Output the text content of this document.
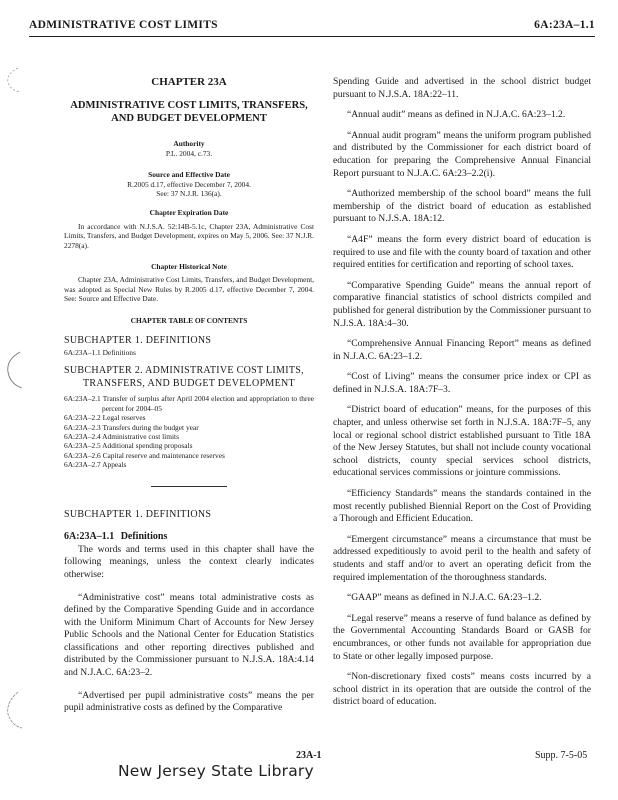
ADMINISTRATIVE COST LIMITS	6A:23A–1.1
CHAPTER 23A
ADMINISTRATIVE COST LIMITS, TRANSFERS,
AND BUDGET DEVELOPMENT
Authority
P.L. 2004, c.73.
Source and Effective Date
R.2005 d.17, effective December 7, 2004.
See: 37 N.J.R. 136(a).
Chapter Expiration Date
In accordance with N.J.S.A. 52:14B-5.1c, Chapter 23A, Administrative Cost Limits, Transfers, and Budget Development, expires on May 5, 2006. See: 37 N.J.R. 2278(a).
Chapter Historical Note
Chapter 23A, Administrative Cost Limits, Transfers, and Budget Development, was adopted as Special New Rules by R.2005 d.17, effective December 7, 2004. See: Source and Effective Date.
CHAPTER TABLE OF CONTENTS
SUBCHAPTER 1. DEFINITIONS
6A:23A–1.1 Definitions
SUBCHAPTER 2. ADMINISTRATIVE COST LIMITS,
TRANSFERS, AND BUDGET DEVELOPMENT
6A:23A–2.1 Transfer of surplus after April 2004 election and appropriation to three percent for 2004–05
6A:23A–2.2 Legal reserves
6A:23A–2.3 Transfers during the budget year
6A:23A–2.4 Administrative cost limits
6A:23A–2.5 Additional spending proposals
6A:23A–2.6 Capital reserve and maintenance reserves
6A:23A–2.7 Appeals
SUBCHAPTER 1. DEFINITIONS
6A:23A–1.1 Definitions
The words and terms used in this chapter shall have the following meanings, unless the context clearly indicates otherwise:
“Administrative cost” means total administrative costs as defined by the Comparative Spending Guide and in accordance with the Uniform Minimum Chart of Accounts for New Jersey Public Schools and the National Center for Education Statistics classifications and other reporting directives published and distributed by the Commissioner pursuant to N.J.S.A. 18A:4.14 and N.J.A.C. 6A:23–2.
“Advertised per pupil administrative costs” means the per pupil administrative costs as defined by the Comparative
Spending Guide and advertised in the school district budget pursuant to N.J.S.A. 18A:22–11.
“Annual audit” means as defined in N.J.A.C. 6A:23–1.2.
“Annual audit program” means the uniform program published and distributed by the Commissioner for each district board of education for preparing the Comprehensive Annual Financial Report pursuant to N.J.A.C. 6A:23–2.2(i).
“Authorized membership of the school board” means the full membership of the district board of education as established pursuant to N.J.S.A. 18A:12.
“A4F” means the form every district board of education is required to use and file with the county board of taxation and other required entities for certification and reporting of school taxes.
“Comparative Spending Guide” means the annual report of comparative financial statistics of school districts compiled and published for general distribution by the Commissioner pursuant to N.J.S.A. 18A:4–30.
“Comprehensive Annual Financing Report” means as defined in N.J.A.C. 6A:23–1.2.
“Cost of Living” means the consumer price index or CPI as defined in N.J.S.A. 18A:7F–3.
“District board of education” means, for the purposes of this chapter, and unless otherwise set forth in N.J.S.A. 18A:7F–5, any local or regional school district established pursuant to Title 18A of the New Jersey Statutes, but shall not include county vocational school districts, county special services school districts, educational services commissions or jointure commissions.
“Efficiency Standards” means the standards contained in the most recently published Biennial Report on the Cost of Providing a Thorough and Efficient Education.
“Emergent circumstance” means a circumstance that must be addressed expeditiously to avoid peril to the health and safety of students and staff and/or to avert an operating deficit from the required implementation of the thoroughness standards.
“GAAP” means as defined in N.J.A.C. 6A:23–1.2.
“Legal reserve” means a reserve of fund balance as defined by the Governmental Accounting Standards Board or GASB for encumbrances, or other funds not available for appropriation due to State or other legally imposed purpose.
“Non-discretionary fixed costs” means costs incurred by a school district in its operation that are outside the control of the district board of education.
23A-1	Supp. 7-5-05
New Jersey State Library
